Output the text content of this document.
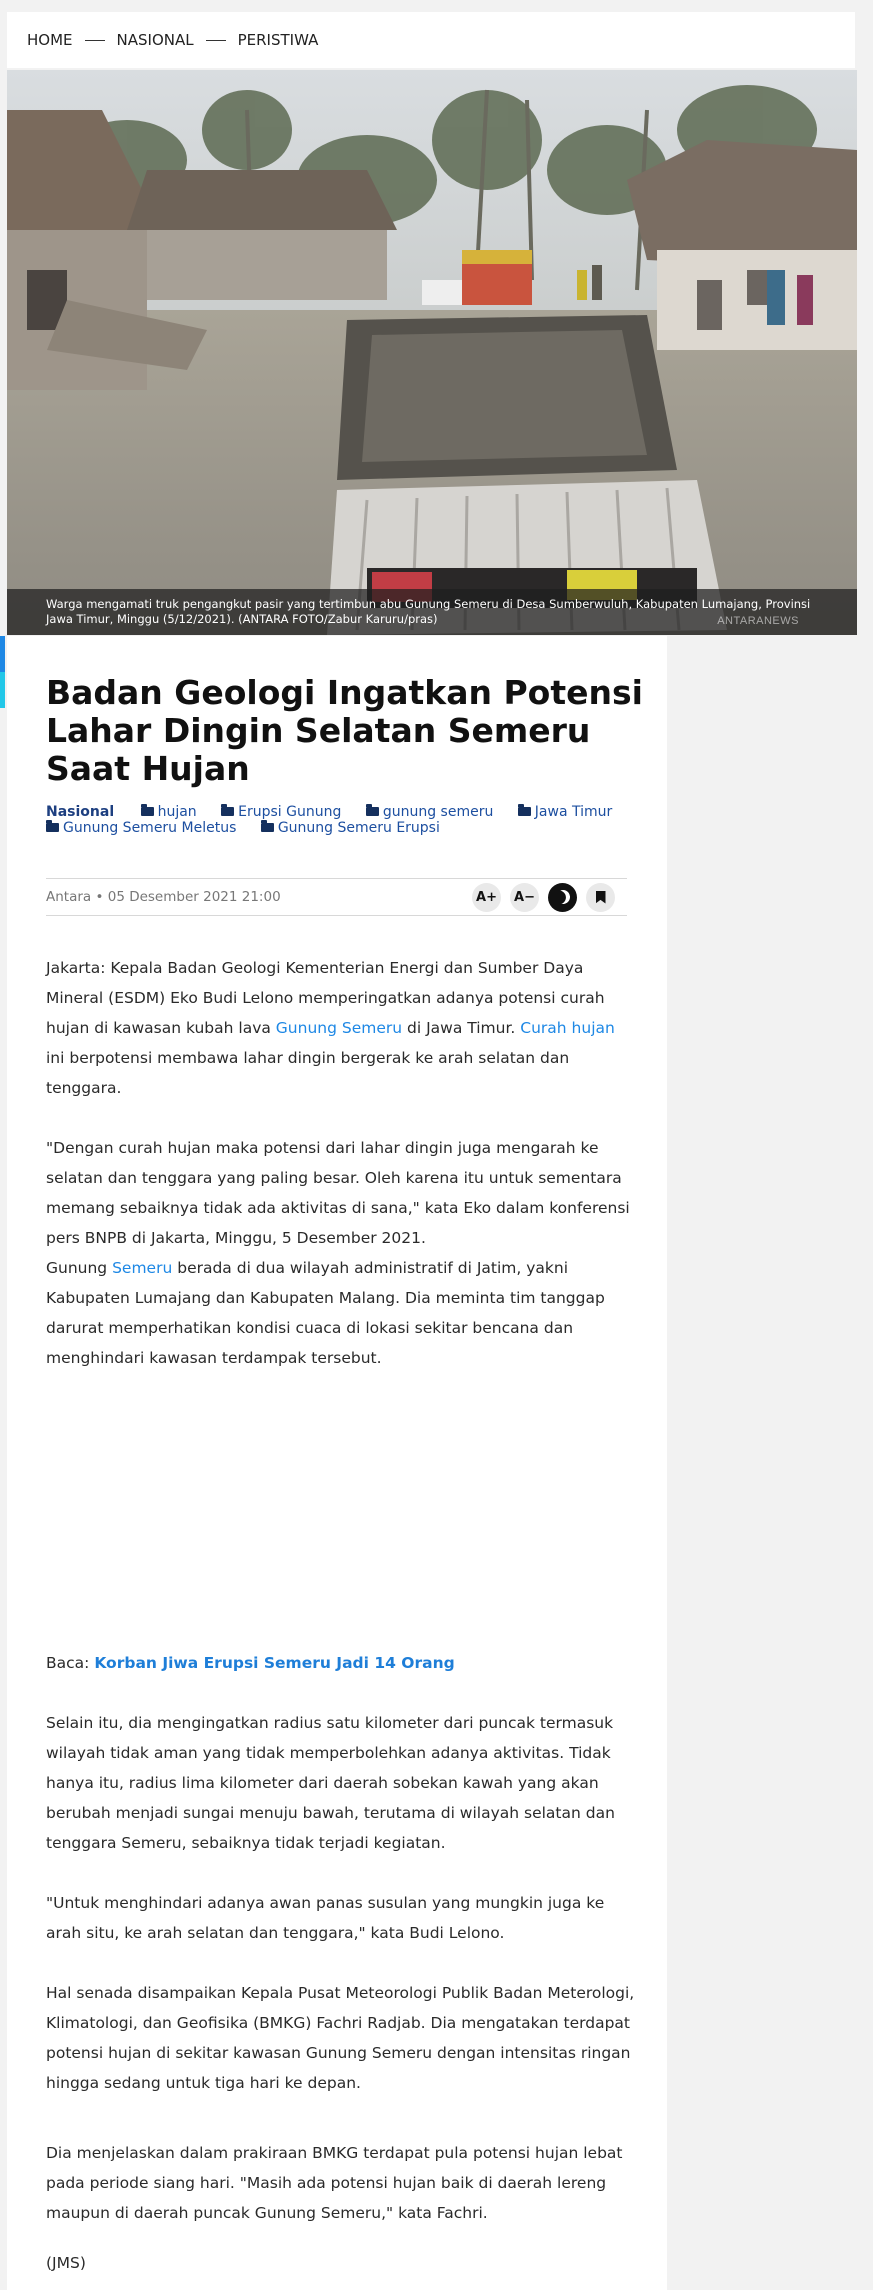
HOME	NASIONAL	PERISTIWA
Warga mengamati truk pengangkut pasir yang tertimbun abu Gunung Semeru di Desa Sumberwuluh, Kabupaten Lumajang, Provinsi Jawa Timur, Minggu (5/12/2021). (ANTARA FOTO/Zabur Karuru/pras)	ANTARANEWS
Badan Geologi Ingatkan Potensi Lahar Dingin Selatan Semeru Saat Hujan
Nasional	hujan	Erupsi Gunung	gunung semeru	Jawa Timur
Gunung Semeru Meletus	Gunung Semeru Erupsi
Antara • 05 Desember 2021 21:00	A+	A−

Jakarta: Kepala Badan Geologi Kementerian Energi dan Sumber Daya Mineral (ESDM) Eko Budi Lelono memperingatkan adanya potensi curah hujan di kawasan kubah lava Gunung Semeru di Jawa Timur. Curah hujan ini berpotensi membawa lahar dingin bergerak ke arah selatan dan tenggara.

"Dengan curah hujan maka potensi dari lahar dingin juga mengarah ke selatan dan tenggara yang paling besar. Oleh karena itu untuk sementara memang sebaiknya tidak ada aktivitas di sana," kata Eko dalam konferensi pers BNPB di Jakarta, Minggu, 5 Desember 2021.

Gunung Semeru berada di dua wilayah administratif di Jatim, yakni Kabupaten Lumajang dan Kabupaten Malang. Dia meminta tim tanggap darurat memperhatikan kondisi cuaca di lokasi sekitar bencana dan menghindari kawasan terdampak tersebut.

Baca: Korban Jiwa Erupsi Semeru Jadi 14 Orang

Selain itu, dia mengingatkan radius satu kilometer dari puncak termasuk wilayah tidak aman yang tidak memperbolehkan adanya aktivitas. Tidak hanya itu, radius lima kilometer dari daerah sobekan kawah yang akan berubah menjadi sungai menuju bawah, terutama di wilayah selatan dan tenggara Semeru, sebaiknya tidak terjadi kegiatan.

"Untuk menghindari adanya awan panas susulan yang mungkin juga ke arah situ, ke arah selatan dan tenggara," kata Budi Lelono.

Hal senada disampaikan Kepala Pusat Meteorologi Publik Badan Meterologi, Klimatologi, dan Geofisika (BMKG) Fachri Radjab. Dia mengatakan terdapat potensi hujan di sekitar kawasan Gunung Semeru dengan intensitas ringan hingga sedang untuk tiga hari ke depan.

Dia menjelaskan dalam prakiraan BMKG terdapat pula potensi hujan lebat pada periode siang hari. "Masih ada potensi hujan baik di daerah lereng maupun di daerah puncak Gunung Semeru," kata Fachri.

(JMS)
